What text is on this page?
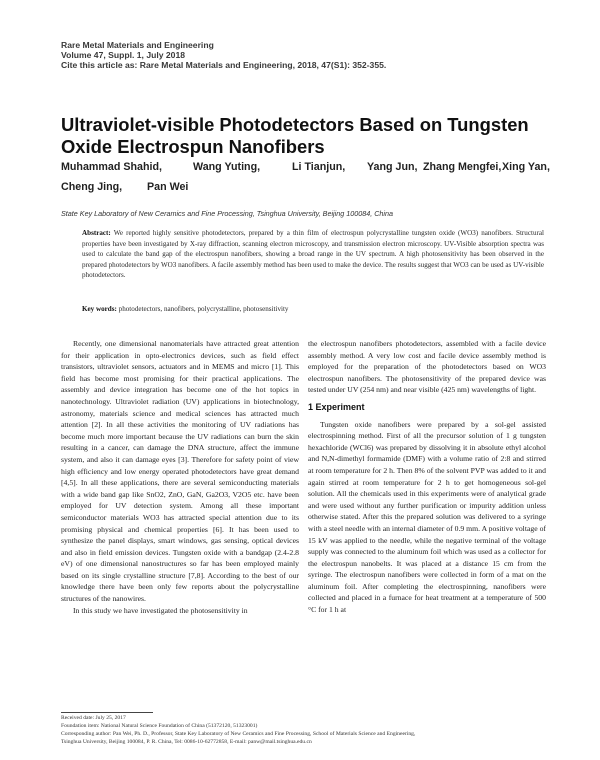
Rare Metal Materials and Engineering
Volume 47, Suppl. 1, July 2018
Cite this article as: Rare Metal Materials and Engineering, 2018, 47(S1): 352-355.
Ultraviolet-visible Photodetectors Based on Tungsten
Oxide Electrospun Nanofibers
Muhammad Shahid,	Wang Yuting,	Li Tianjun, Yang Jun, Zhang Mengfei, Xing Yan,
Cheng Jing, Pan Wei
State Key Laboratory of New Ceramics and Fine Processing, Tsinghua University, Beijing 100084, China
Abstract: We reported highly sensitive photodetectors, prepared by a thin film of electrospun polycrystalline tungsten oxide (WO3) nanofibers. Structural properties have been investigated by X-ray diffraction, scanning electron microscopy, and transmission electron microscopy. UV-Visible absorption spectra was used to calculate the band gap of the electrospun nanofibers, showing a broad range in the UV spectrum. A high photosensitivity has been observed in the prepared photodetectors by WO3 nanofibers. A facile assembly method has been used to make the device. The results suggest that WO3 can be used as UV-visible photodetectors.
Key words: photodetectors, nanofibers, polycrystalline, photosensitivity

Recently, one dimensional nanomaterials have attracted great attention for their application in opto-electronics devices, such as field effect transistors, ultraviolet sensors, actuators and in MEMS and micro [1]. This field has become most promising for their practical applications. The assembly and device integration has become one of the hot topics in nanotechnology. Ultraviolet radiation (UV) applications in biotechnology, astronomy, materials science and medical sciences has attracted much attention [2]. In all these activities the monitoring of UV radiations has become much more important because the UV radiations can burn the skin resulting in a cancer, can damage the DNA structure, affect the immune system, and also it can damage eyes [3]. Therefore for safety point of view high efficiency and low energy operated photodetectors have great demand [4,5]. In all these applications, there are several semiconducting materials with a wide band gap like SnO2, ZnO, GaN, Ga2O3, V2O5 etc. have been employed for UV detection system. Among all these important semiconductor materials WO3 has attracted special attention due to its promising physical and chemical properties [6]. It has been used to synthesize the panel displays, smart windows, gas sensing, optical devices and also in field emission devices. Tungsten oxide with a bandgap (2.4-2.8 eV) of one dimensional nanostructures so far has been employed mainly based on its single crystalline structure [7,8]. According to the best of our knowledge there have been only few reports about the polycrystalline structures of the nanowires.

In this study we have investigated the photosensitivity in

the electrospun nanofibers photodetectors, assembled with a facile device assembly method. A very low cost and facile device assembly method is employed for the preparation of the photodetectors based on WO3 electrospun nanofibers. The photosensitivity of the prepared device was tested under UV (254 nm) and near visible (425 nm) wavelengths of light.

1 Experiment

Tungsten oxide nanofibers were prepared by a sol-gel assisted electrospinning method. First of all the precursor solution of 1 g tungsten hexachloride (WCl6) was prepared by dissolving it in absolute ethyl alcohol and N,N-dimethyl formamide (DMF) with a volume ratio of 2:8 and stirred at room temperature for 2 h. Then 8% of the solvent PVP was added to it and again stirred at room temperature for 2 h to get homogeneous sol-gel solution. All the chemicals used in this experiments were of analytical grade and were used without any further purification or impurity addition unless otherwise stated. After this the prepared solution was delivered to a syringe with a steel needle with an internal diameter of 0.9 mm. A positive voltage of 15 kV was applied to the needle, while the negative terminal of the voltage supply was connected to the aluminum foil which was used as a collector for the electrospun nanobelts. It was placed at a distance 15 cm from the syringe. The electrospun nanofibers were collected in form of a mat on the aluminum foil. After completing the electrospinning, nanofibers were collected and placed in a furnace for heat treatment at a temperature of 500 °C for 1 h at

Received date: July 25, 2017
Foundation item: National Natural Science Foundation of China (51372120, 51323001)
Corresponding author: Pan Wei, Ph. D., Professor, State Key Laboratory of New Ceramics and Fine Processing, School of Materials Science and Engineering,
Tsinghua University, Beijing 100084, P. R. China, Tel: 0086-10-62772858, E-mail: panw@mail.tsinghua.edu.cn
